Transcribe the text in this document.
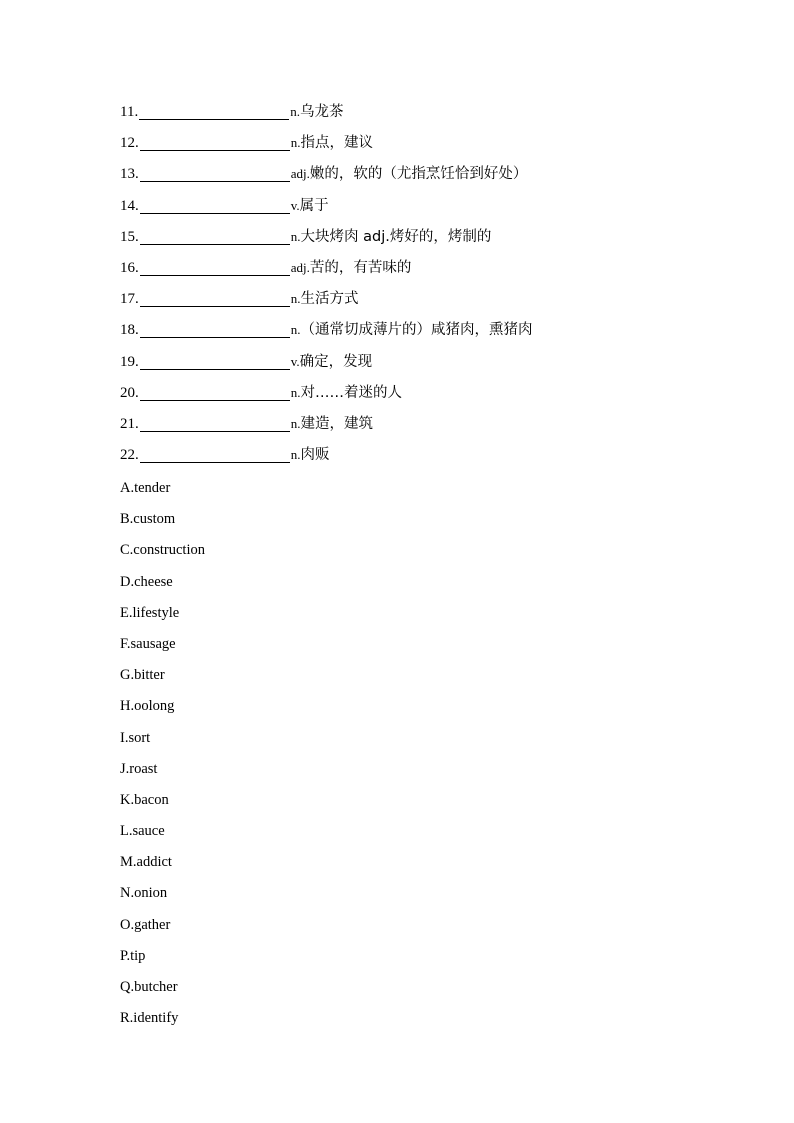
11.	n. 乌龙茶
12.	n. 指点，建议
13.	adj. 嫩的，软的（尤指烹饪恰到好处）
14.	v. 属于
15.	n. 大块烤肉 adj.烤好的，烤制的
16.	adj. 苦的，有苦味的
17.	n. 生活方式
18.	n. （通常切成薄片的）咸猪肉，熏猪肉
19.	v. 确定，发现
20.	n. 对……着迷的人
21.	n. 建造，建筑
22.	n. 肉贩
A.tender
B.custom
C.construction
D.cheese
E.lifestyle
F.sausage
G.bitter
H.oolong
I.sort
J.roast
K.bacon
L.sauce
M.addict
N.onion
O.gather
P.tip
Q.butcher
R.identify
